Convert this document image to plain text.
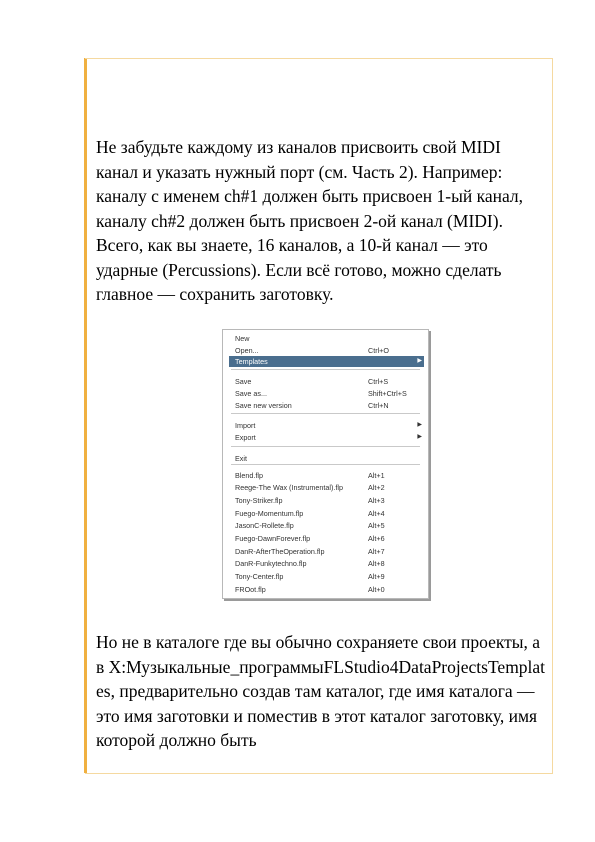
Не забудьте каждому из каналов присвоить свой MIDI канал и указать нужный порт (см. Часть 2). Например: каналу с именем ch#1 должен быть присвоен 1-ый канал, каналу ch#2 должен быть присвоен 2-ой канал (MIDI). Всего, как вы знаете, 16 каналов, а 10-й канал — это ударные (Percussions). Если всё готово, можно сделать главное — сохранить заготовку.

New
Open...	Ctrl+O
Templates	▶
Save	Ctrl+S
Save as...	Shift+Ctrl+S
Save new version	Ctrl+N
Import	▶
Export	▶
Exit
Blend.flp	Alt+1
Reege-The Wax (Instrumental).flp	Alt+2
Tony-Striker.flp	Alt+3
Fuego-Momentum.flp	Alt+4
JasonC-Rollete.flp	Alt+5
Fuego-DawnForever.flp	Alt+6
DanR-AfterTheOperation.flp	Alt+7
DanR-Funkytechno.flp	Alt+8
Tony-Center.flp	Alt+9
FROot.flp	Alt+0

Но не в каталоге где вы обычно сохраняете свои проекты, а в X:Музыкальные_программыFLStudio4DataProjectsTemplates, предварительно создав там каталог, где имя каталога — это имя заготовки и поместив в этот каталог заготовку, имя которой должно быть
